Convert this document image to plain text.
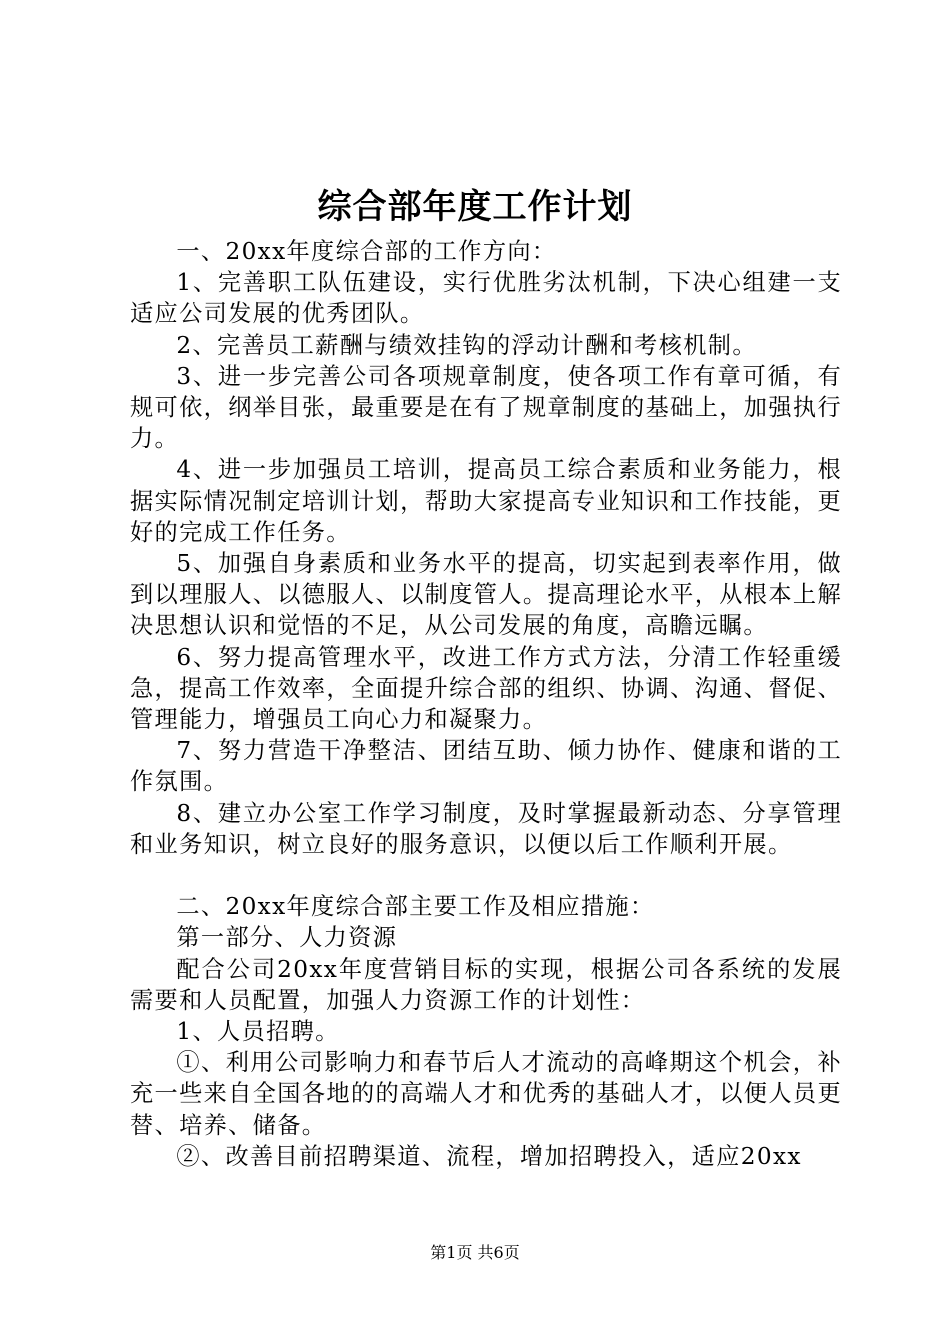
综合部年度工作计划

一、20xx年度综合部的工作方向：

1、完善职工队伍建设，实行优胜劣汰机制，下决心组建一支适应公司发展的优秀团队。

2、完善员工薪酬与绩效挂钩的浮动计酬和考核机制。

3、进一步完善公司各项规章制度，使各项工作有章可循，有规可依，纲举目张，最重要是在有了规章制度的基础上，加强执行力。

4、进一步加强员工培训，提高员工综合素质和业务能力，根据实际情况制定培训计划，帮助大家提高专业知识和工作技能，更好的完成工作任务。

5、加强自身素质和业务水平的提高，切实起到表率作用，做到以理服人、以德服人、以制度管人。提高理论水平，从根本上解决思想认识和觉悟的不足，从公司发展的角度，高瞻远瞩。

6、努力提高管理水平，改进工作方式方法，分清工作轻重缓急，提高工作效率，全面提升综合部的组织、协调、沟通、督促、管理能力，增强员工向心力和凝聚力。

7、努力营造干净整洁、团结互助、倾力协作、健康和谐的工作氛围。

8、建立办公室工作学习制度，及时掌握最新动态、分享管理和业务知识，树立良好的服务意识，以便以后工作顺利开展。

二、20xx年度综合部主要工作及相应措施：

第一部分、人力资源

配合公司20xx年度营销目标的实现，根据公司各系统的发展需要和人员配置，加强人力资源工作的计划性：

1、人员招聘。

①、利用公司影响力和春节后人才流动的高峰期这个机会，补充一些来自全国各地的的高端人才和优秀的基础人才，以便人员更替、培养、储备。

②、改善目前招聘渠道、流程，增加招聘投入，适应20xx

第1页 共6页
